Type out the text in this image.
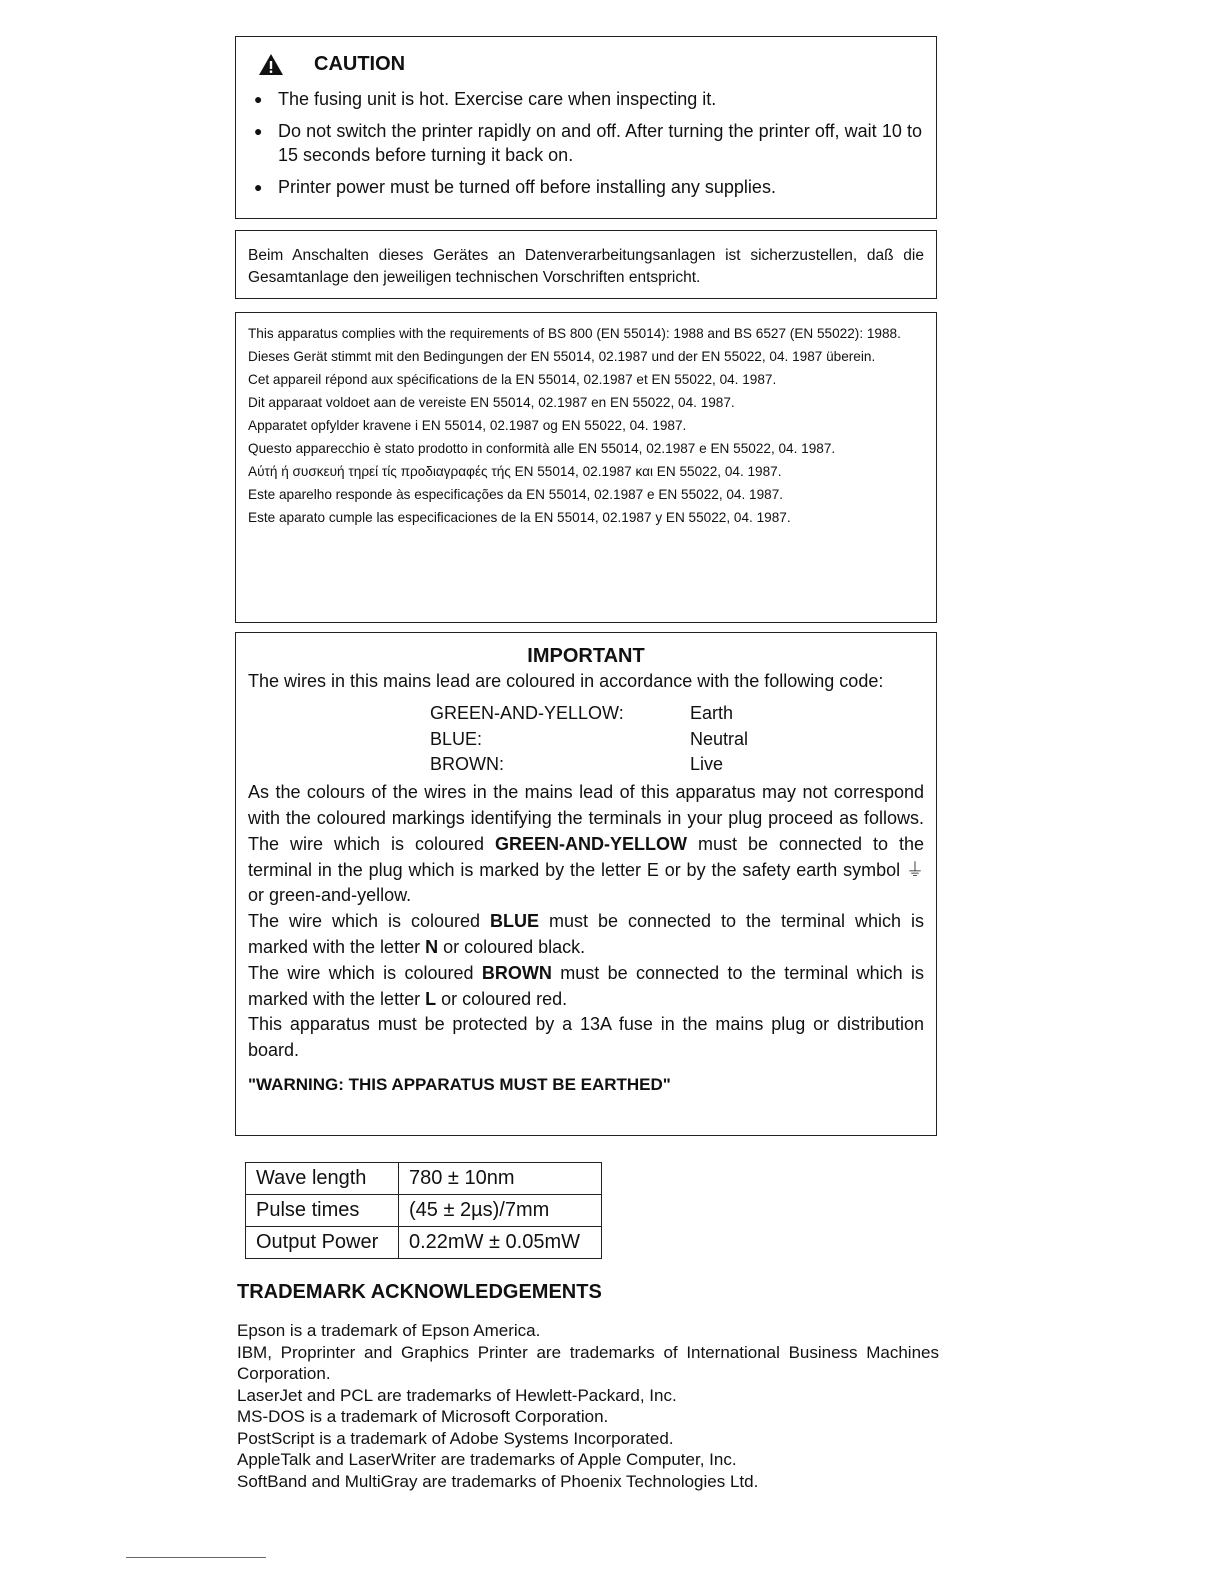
CAUTION
● The fusing unit is hot. Exercise care when inspecting it.
● Do not switch the printer rapidly on and off. After turning the printer off, wait 10 to 15 seconds before turning it back on.
● Printer power must be turned off before installing any supplies.
Beim Anschalten dieses Gerätes an Datenverarbeitungsanlagen ist sicherzustellen, daß die Gesamtanlage den jeweiligen technischen Vorschriften entspricht.

This apparatus complies with the requirements of BS 800 (EN 55014): 1988 and BS 6527 (EN 55022): 1988.

Dieses Gerät stimmt mit den Bedingungen der EN 55014, 02.1987 und der EN 55022, 04. 1987 überein.

Cet appareil répond aux spécifications de la EN 55014, 02.1987 et EN 55022, 04. 1987.

Dit apparaat voldoet aan de vereiste EN 55014, 02.1987 en EN 55022, 04. 1987.

Apparatet opfylder kravene i EN 55014, 02.1987 og EN 55022, 04. 1987.

Questo apparecchio è stato prodotto in conformità alle EN 55014, 02.1987 e EN 55022, 04. 1987.

Αύτή ή συσκευή τηρεί τίς προδιαγραφές τής EN 55014, 02.1987 και EN 55022, 04. 1987.

Este aparelho responde às especificações da EN 55014, 02.1987 e EN 55022, 04. 1987.

Este aparato cumple las especificaciones de la EN 55014, 02.1987 y EN 55022, 04. 1987.

IMPORTANT

The wires in this mains lead are coloured in accordance with the following code:

GREEN-AND-YELLOW:	Earth
BLUE:	Neutral
BROWN:	Live

As the colours of the wires in the mains lead of this apparatus may not correspond with the coloured markings identifying the terminals in your plug proceed as follows. The wire which is coloured GREEN-AND-YELLOW must be connected to the terminal in the plug which is marked by the letter E or by the safety earth symbol ⏚ or green-and-yellow.

The wire which is coloured BLUE must be connected to the terminal which is marked with the letter N or coloured black.

The wire which is coloured BROWN must be connected to the terminal which is marked with the letter L or coloured red.

This apparatus must be protected by a 13A fuse in the mains plug or distribution board.

"WARNING: THIS APPARATUS MUST BE EARTHED"

Wave length	780 ± 10nm
Pulse times	(45 ± 2µs)/7mm
Output Power	0.22mW ± 0.05mW
TRADEMARK ACKNOWLEDGEMENTS

Epson is a trademark of Epson America.

IBM, Proprinter and Graphics Printer are trademarks of International Business Machines Corporation.

LaserJet and PCL are trademarks of Hewlett-Packard, Inc.

MS-DOS is a trademark of Microsoft Corporation.

PostScript is a trademark of Adobe Systems Incorporated.

AppleTalk and LaserWriter are trademarks of Apple Computer, Inc.

SoftBand and MultiGray are trademarks of Phoenix Technologies Ltd.
